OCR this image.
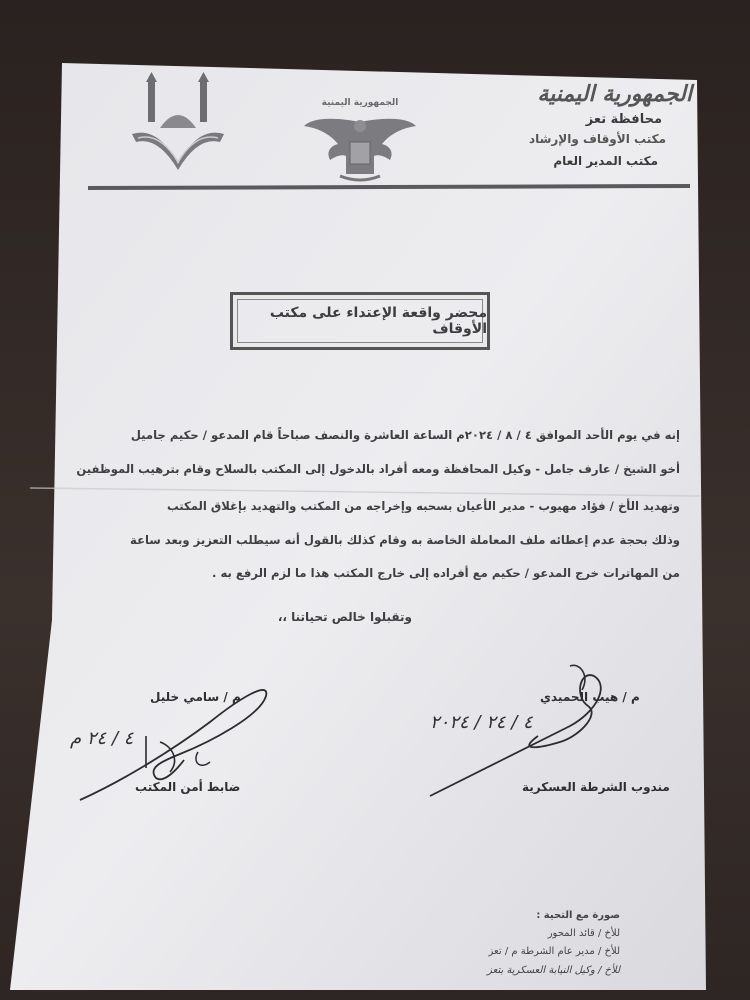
الجمهورية اليمنية	الجمهورية اليمنية
محافظة تعز
مكتب الأوقاف والإرشاد
مكتب المدير العام
محضر واقعة الإعتداء على مكتب الأوقاف

إنه في يوم الأحد الموافق ٤ / ٨ / ٢٠٢٤م الساعة العاشرة والنصف صباحاً قام المدعو / حكيم جاميل

أخو الشيخ / عارف جامل - وكيل المحافظة ومعه أفراد بالدخول إلى المكتب بالسلاح وقام بترهيب الموظفين

وتهديد الأخ / فؤاد مهيوب - مدير الأعيان بسحبه وإخراجه من المكتب والتهديد بإغلاق المكتب

وذلك بحجة عدم إعطائه ملف المعاملة الخاصة به وقام كذلك بالقول أنه سيطلب التعزيز وبعد ساعة

من المهاترات خرج المدعو / حكيم مع أفراده إلى خارج المكتب هذا ما لزم الرفع به .

وتقبلوا خالص تحياتنا ،،
م / سامي خليل
٤ / ٢٤ م
ضابط أمن المكتب
م / هيب الحميدي
٤ / ٢٤ / ٢٠٢٤
مندوب الشرطة العسكرية
صورة مع التحية :
للأخ / قائد المحور
للأخ / مدير عام الشرطة م / تعز
للأخ / وكيل النيابة العسكرية بتعز
